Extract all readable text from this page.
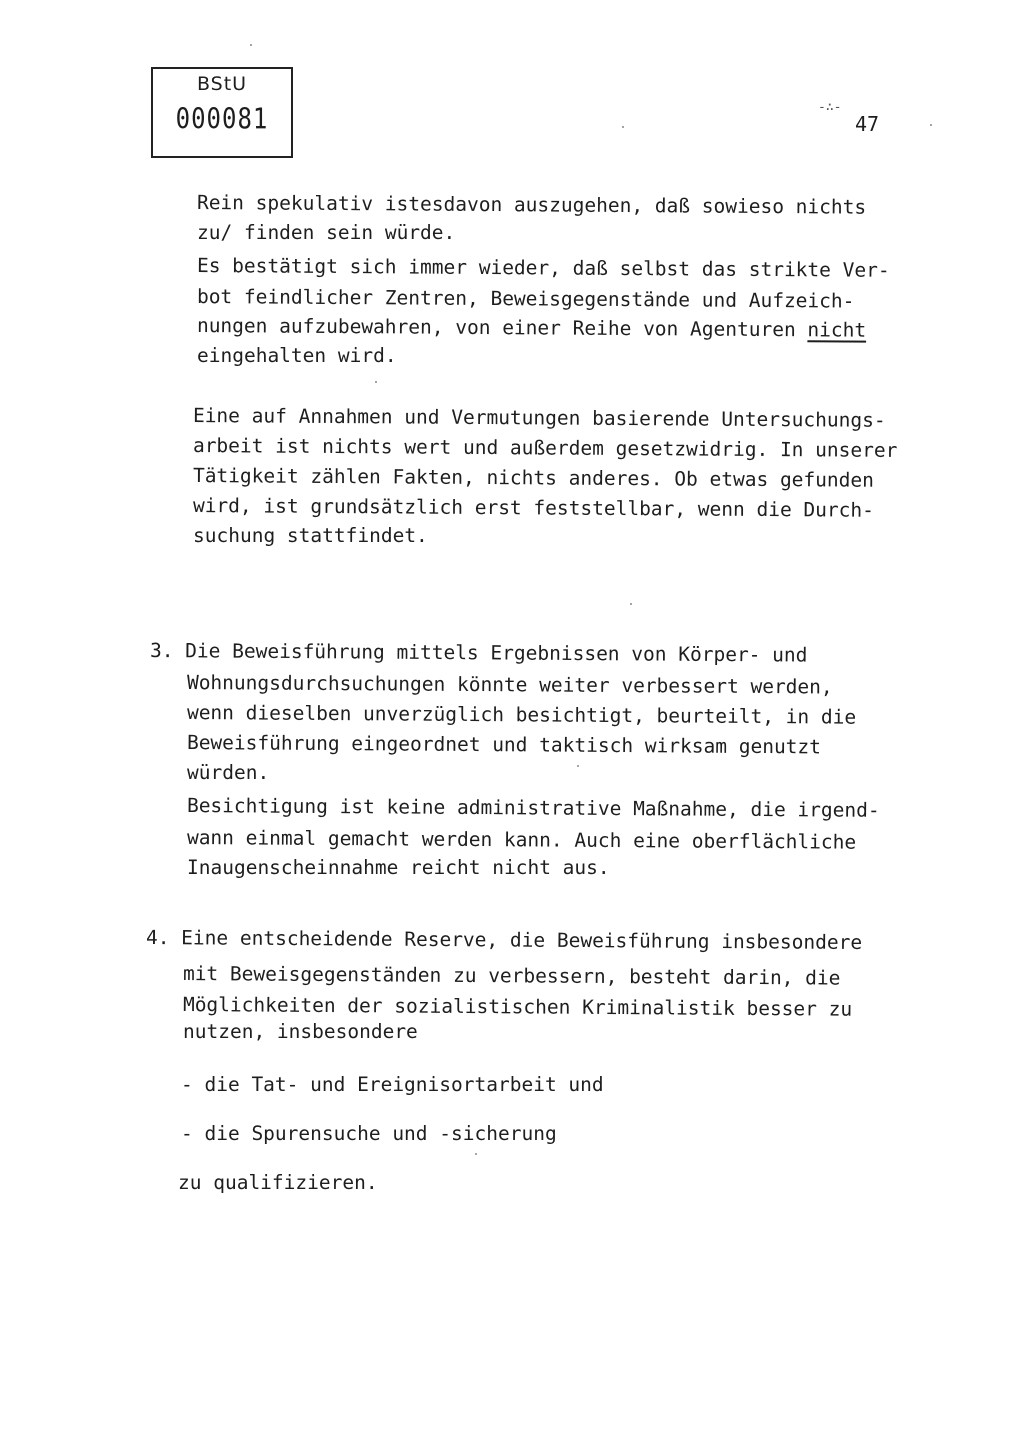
BStU
000081	-∴-
47
Rein spekulativ istesdavon auszugehen, daß sowieso nichts
zu/ finden sein würde.
Es bestätigt sich immer wieder, daß selbst das strikte Ver-
bot feindlicher Zentren, Beweisgegenstände und Aufzeich-
nungen aufzubewahren, von einer Reihe von Agenturen nicht
eingehalten wird.
Eine auf Annahmen und Vermutungen basierende Untersuchungs-
arbeit ist nichts wert und außerdem gesetzwidrig. In unserer
Tätigkeit zählen Fakten, nichts anderes. Ob etwas gefunden
wird, ist grundsätzlich erst feststellbar, wenn die Durch-
suchung stattfindet.
3. Die Beweisführung mittels Ergebnissen von Körper- und
Wohnungsdurchsuchungen könnte weiter verbessert werden,
wenn dieselben unverzüglich besichtigt, beurteilt, in die
Beweisführung eingeordnet und taktisch wirksam genutzt
würden.
Besichtigung ist keine administrative Maßnahme, die irgend-
wann einmal gemacht werden kann. Auch eine oberflächliche
Inaugenscheinnahme reicht nicht aus.
4. Eine entscheidende Reserve, die Beweisführung insbesondere
mit Beweisgegenständen zu verbessern, besteht darin, die
Möglichkeiten der sozialistischen Kriminalistik besser zu
nutzen, insbesondere
- die Tat- und Ereignisortarbeit und
- die Spurensuche und -sicherung
zu qualifizieren.
